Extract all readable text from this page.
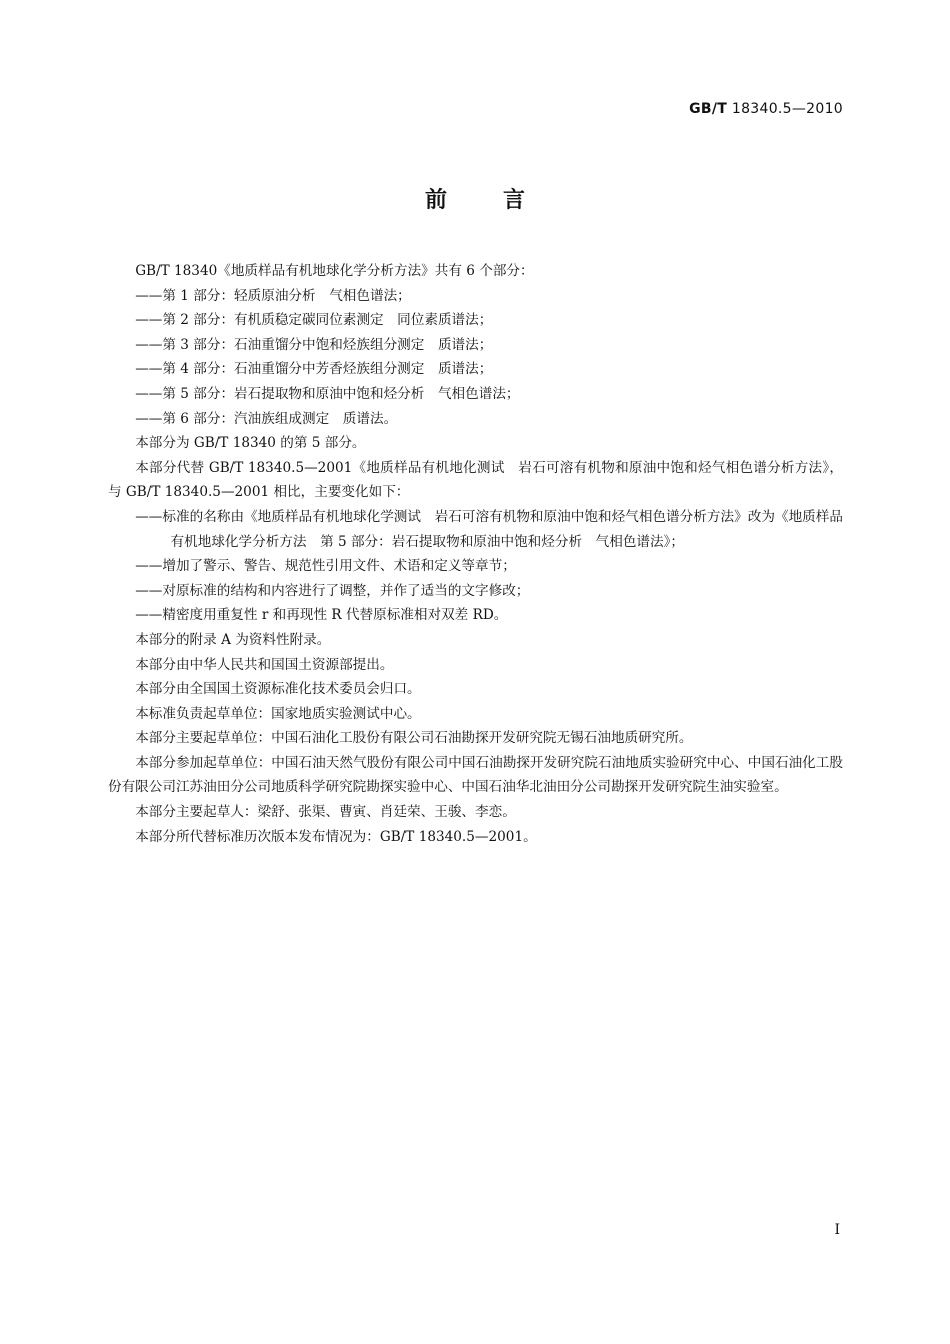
GB/T 18340.5—2010
前言

GB/T 18340《地质样品有机地球化学分析方法》共有 6 个部分：

——第 1 部分：轻质原油分析　气相色谱法；

——第 2 部分：有机质稳定碳同位素测定　同位素质谱法；

——第 3 部分：石油重馏分中饱和烃族组分测定　质谱法；

——第 4 部分：石油重馏分中芳香烃族组分测定　质谱法；

——第 5 部分：岩石提取物和原油中饱和烃分析　气相色谱法；

——第 6 部分：汽油族组成测定　质谱法。

本部分为 GB/T 18340 的第 5 部分。

本部分代替 GB/T 18340.5—2001《地质样品有机地化测试　岩石可溶有机物和原油中饱和烃气相色谱分析方法》，与 GB/T 18340.5—2001 相比，主要变化如下：

——标准的名称由《地质样品有机地球化学测试　岩石可溶有机物和原油中饱和烃气相色谱分析方法》改为《地质样品有机地球化学分析方法　第 5 部分：岩石提取物和原油中饱和烃分析　气相色谱法》；

——增加了警示、警告、规范性引用文件、术语和定义等章节；

——对原标准的结构和内容进行了调整，并作了适当的文字修改；

——精密度用重复性 r 和再现性 R 代替原标准相对双差 RD。

本部分的附录 A 为资料性附录。

本部分由中华人民共和国国土资源部提出。

本部分由全国国土资源标准化技术委员会归口。

本标准负责起草单位：国家地质实验测试中心。

本部分主要起草单位：中国石油化工股份有限公司石油勘探开发研究院无锡石油地质研究所。

本部分参加起草单位：中国石油天然气股份有限公司中国石油勘探开发研究院石油地质实验研究中心、中国石油化工股份有限公司江苏油田分公司地质科学研究院勘探实验中心、中国石油华北油田分公司勘探开发研究院生油实验室。

本部分主要起草人：梁舒、张渠、曹寅、肖廷荣、王骏、李恋。

本部分所代替标准历次版本发布情况为：GB/T 18340.5—2001。

I
